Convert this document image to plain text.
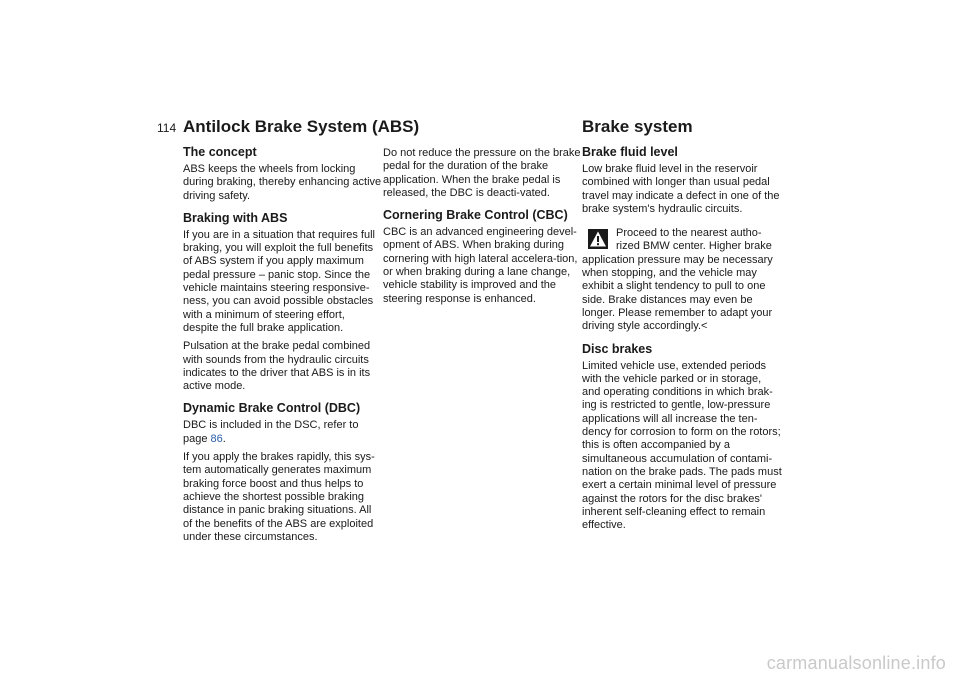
114 Antilock Brake System (ABS)	Brake system
The concept

ABS keeps the wheels from locking during braking, thereby enhancing active driving safety.

Braking with ABS

If you are in a situation that requires full braking, you will exploit the full benefits of ABS system if you apply maximum pedal pressure – panic stop. Since the vehicle maintains steering responsive-ness, you can avoid possible obstacles with a minimum of steering effort, despite the full brake application.

Pulsation at the brake pedal combined with sounds from the hydraulic circuits indicates to the driver that ABS is in its active mode.

Dynamic Brake Control (DBC)

DBC is included in the DSC, refer to page 86.

If you apply the brakes rapidly, this sys-tem automatically generates maximum braking force boost and thus helps to achieve the shortest possible braking distance in panic braking situations. All of the benefits of the ABS are exploited under these circumstances.

Do not reduce the pressure on the brake pedal for the duration of the brake application. When the brake pedal is released, the DBC is deacti-vated.

Cornering Brake Control (CBC)

CBC is an advanced engineering devel-opment of ABS. When braking during cornering with high lateral accelera-tion, or when braking during a lane change, vehicle stability is improved and the steering response is enhanced.

Brake fluid level

Low brake fluid level in the reservoir combined with longer than usual pedal travel may indicate a defect in one of the brake system's hydraulic circuits.

Proceed to the nearest autho-rized BMW center. Higher brake application pressure may be necessary when stopping, and the vehicle may exhibit a slight tendency to pull to one side. Brake distances may even be longer. Please remember to adapt your driving style accordingly.<

Disc brakes

Limited vehicle use, extended periods with the vehicle parked or in storage, and operating conditions in which brak-ing is restricted to gentle, low-pressure applications will all increase the ten-dency for corrosion to form on the rotors; this is often accompanied by a simultaneous accumulation of contami-nation on the brake pads. The pads must exert a certain minimal level of pressure against the rotors for the disc brakes' inherent self-cleaning effect to remain effective.

carmanualsonline.info
